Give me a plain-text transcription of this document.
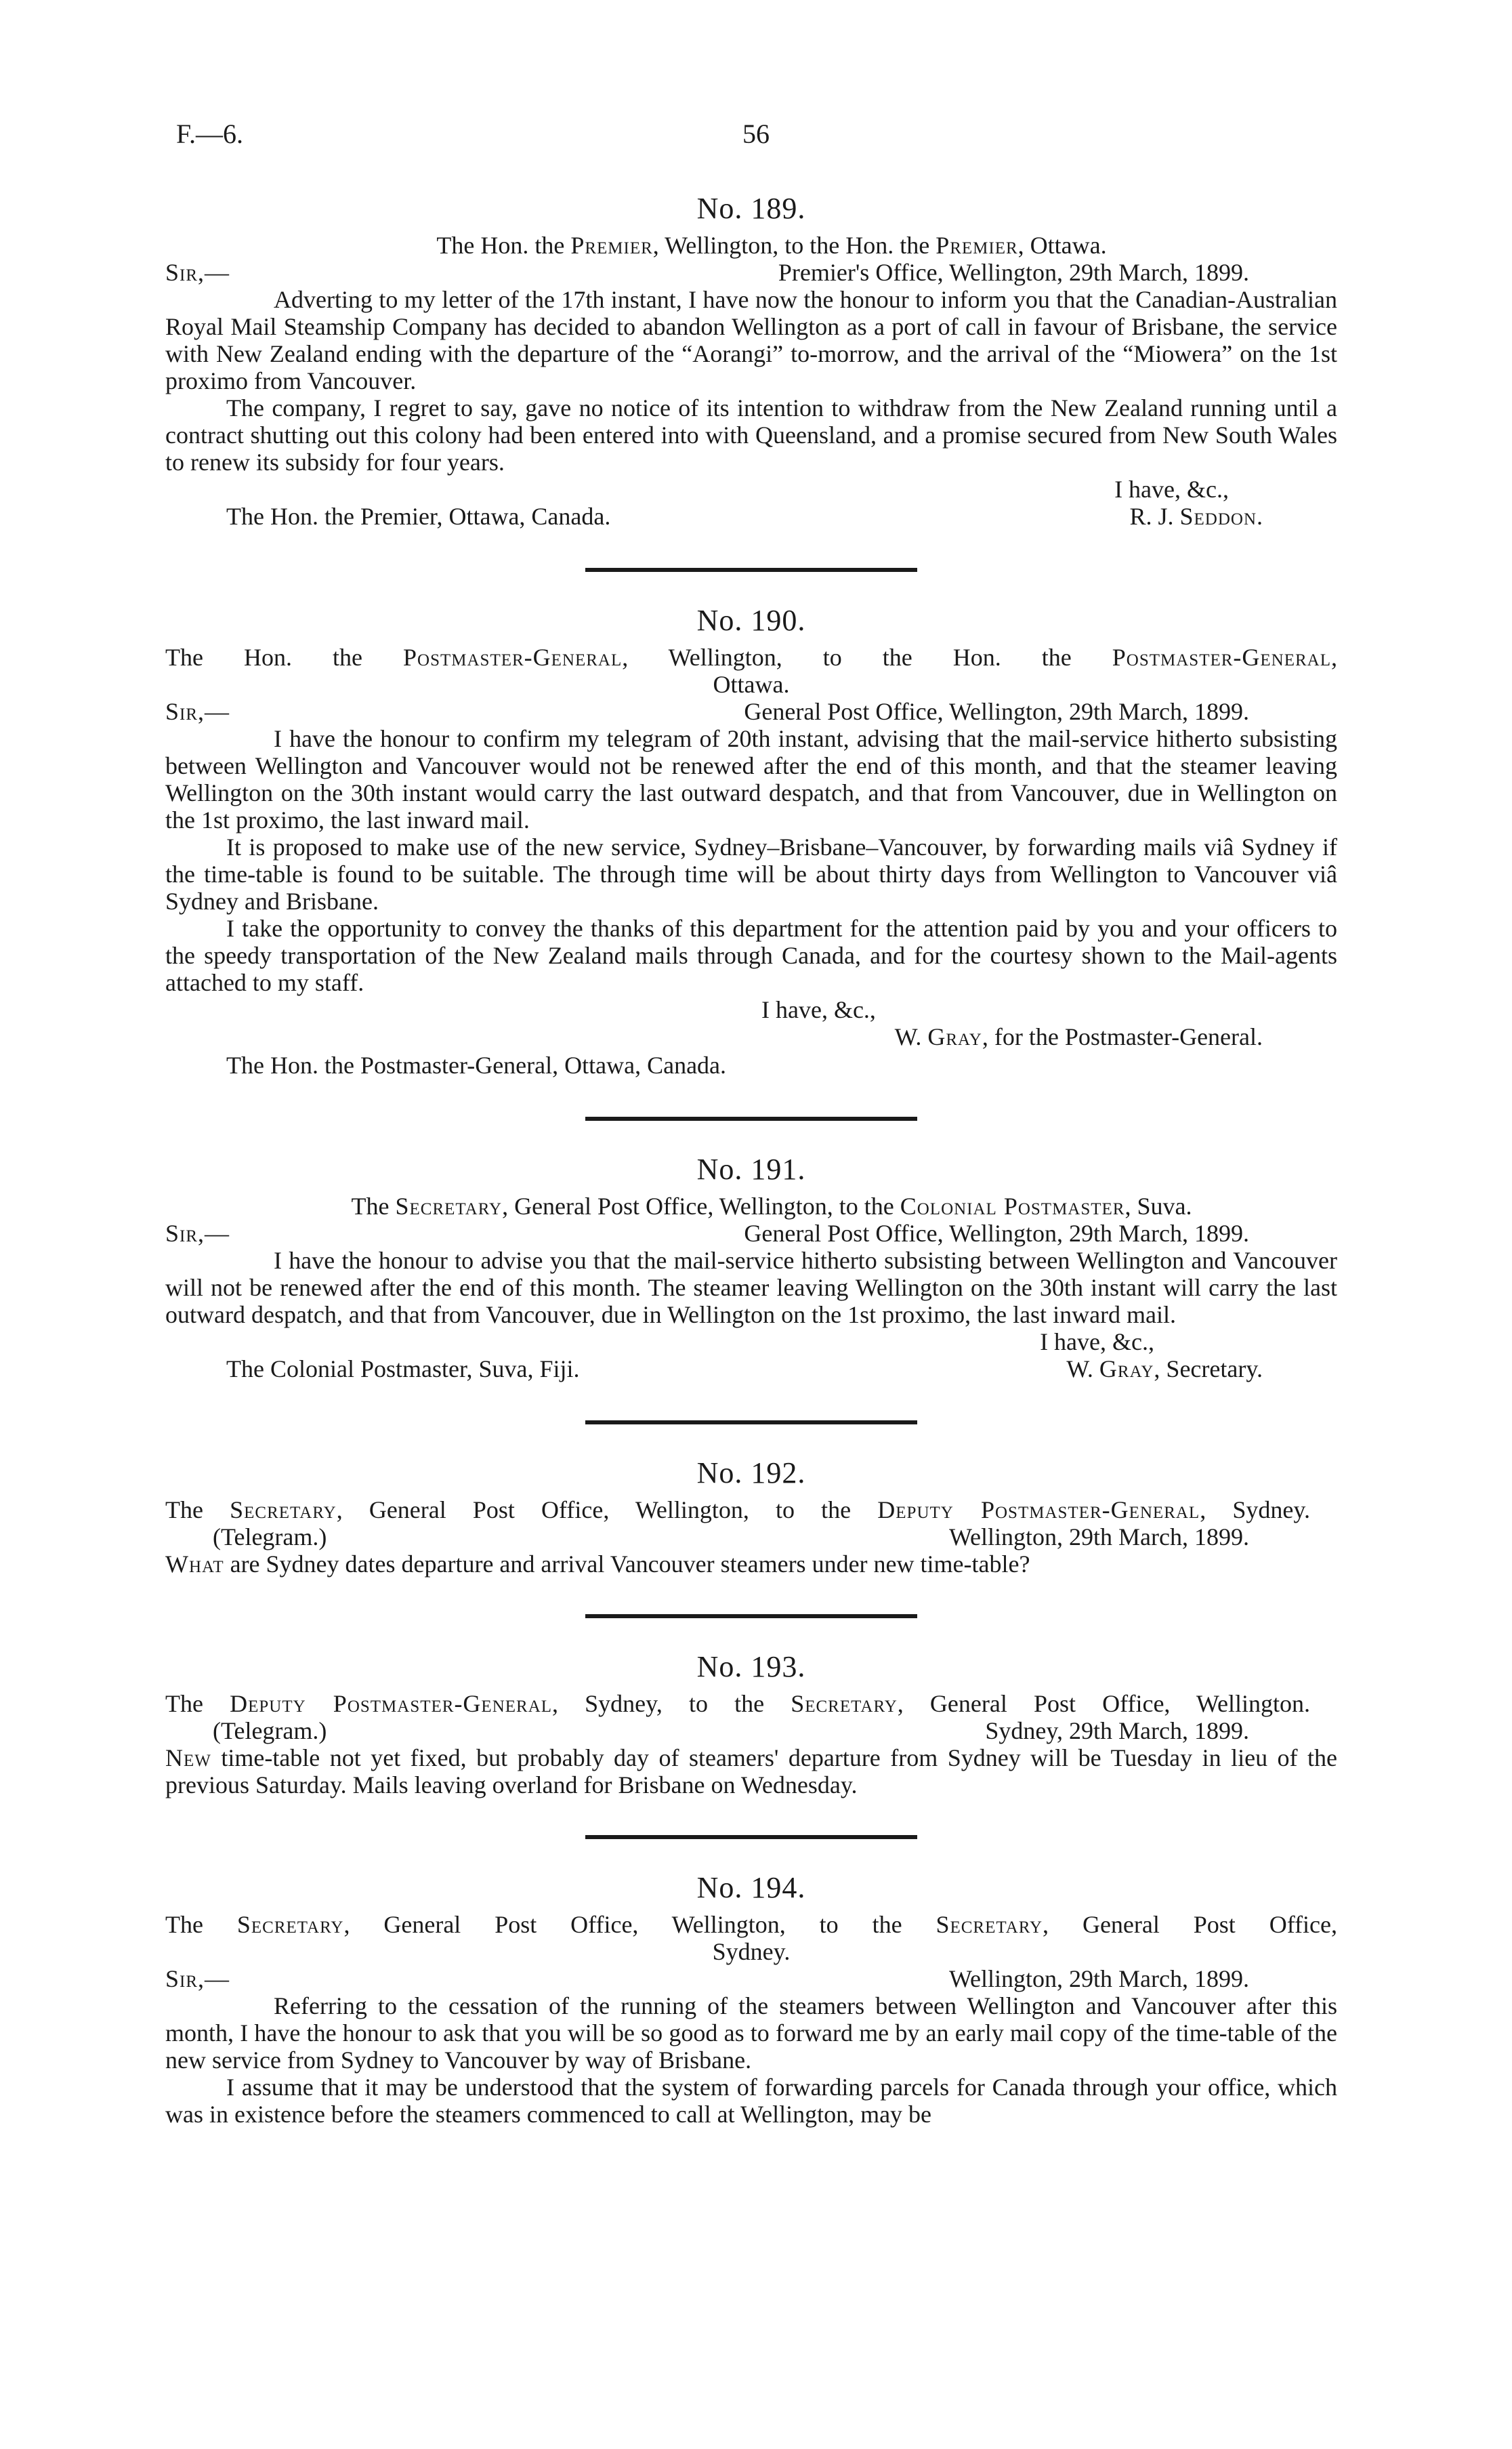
F.—6.	56
No. 189.
The Hon. the Premier, Wellington, to the Hon. the Premier, Ottawa.
Sir,—	Premier's Office, Wellington, 29th March, 1899.

Adverting to my letter of the 17th instant, I have now the honour to inform you that the Canadian-Australian Royal Mail Steamship Company has decided to abandon Wellington as a port of call in favour of Brisbane, the service with New Zealand ending with the departure of the “Aorangi” to-morrow, and the arrival of the “Miowera” on the 1st proximo from Vancouver.

The company, I regret to say, gave no notice of its intention to withdraw from the New Zealand running until a contract shutting out this colony had been entered into with Queensland, and a promise secured from New South Wales to renew its subsidy for four years.

I have, &c.,
The Hon. the Premier, Ottawa, Canada.	R. J. Seddon.
No. 190.
The Hon. the Postmaster-General, Wellington, to the Hon. the Postmaster-General,
Ottawa.
Sir,—	General Post Office, Wellington, 29th March, 1899.

I have the honour to confirm my telegram of 20th instant, advising that the mail-service hitherto subsisting between Wellington and Vancouver would not be renewed after the end of this month, and that the steamer leaving Wellington on the 30th instant would carry the last outward despatch, and that from Vancouver, due in Wellington on the 1st proximo, the last inward mail.

It is proposed to make use of the new service, Sydney–Brisbane–Vancouver, by forwarding mails viâ Sydney if the time-table is found to be suitable. The through time will be about thirty days from Wellington to Vancouver viâ Sydney and Brisbane.

I take the opportunity to convey the thanks of this department for the attention paid by you and your officers to the speedy transportation of the New Zealand mails through Canada, and for the courtesy shown to the Mail-agents attached to my staff.

I have, &c.,
W. Gray, for the Postmaster-General.
The Hon. the Postmaster-General, Ottawa, Canada.
No. 191.
The Secretary, General Post Office, Wellington, to the Colonial Postmaster, Suva.
Sir,—	General Post Office, Wellington, 29th March, 1899.

I have the honour to advise you that the mail-service hitherto subsisting between Wellington and Vancouver will not be renewed after the end of this month. The steamer leaving Wellington on the 30th instant will carry the last outward despatch, and that from Vancouver, due in Wellington on the 1st proximo, the last inward mail.

I have, &c.,
The Colonial Postmaster, Suva, Fiji.	W. Gray, Secretary.
No. 192.
The Secretary, General Post Office, Wellington, to the Deputy Postmaster-General, Sydney.
(Telegram.)	Wellington, 29th March, 1899.

What are Sydney dates departure and arrival Vancouver steamers under new time-table?

No. 193.
The Deputy Postmaster-General, Sydney, to the Secretary, General Post Office, Wellington.
(Telegram.)	Sydney, 29th March, 1899.

New time-table not yet fixed, but probably day of steamers' departure from Sydney will be Tuesday in lieu of the previous Saturday. Mails leaving overland for Brisbane on Wednesday.

No. 194.
The Secretary, General Post Office, Wellington, to the Secretary, General Post Office,
Sydney.
Sir,—	Wellington, 29th March, 1899.

Referring to the cessation of the running of the steamers between Wellington and Vancouver after this month, I have the honour to ask that you will be so good as to forward me by an early mail copy of the time-table of the new service from Sydney to Vancouver by way of Brisbane.

I assume that it may be understood that the system of forwarding parcels for Canada through your office, which was in existence before the steamers commenced to call at Wellington, may be
